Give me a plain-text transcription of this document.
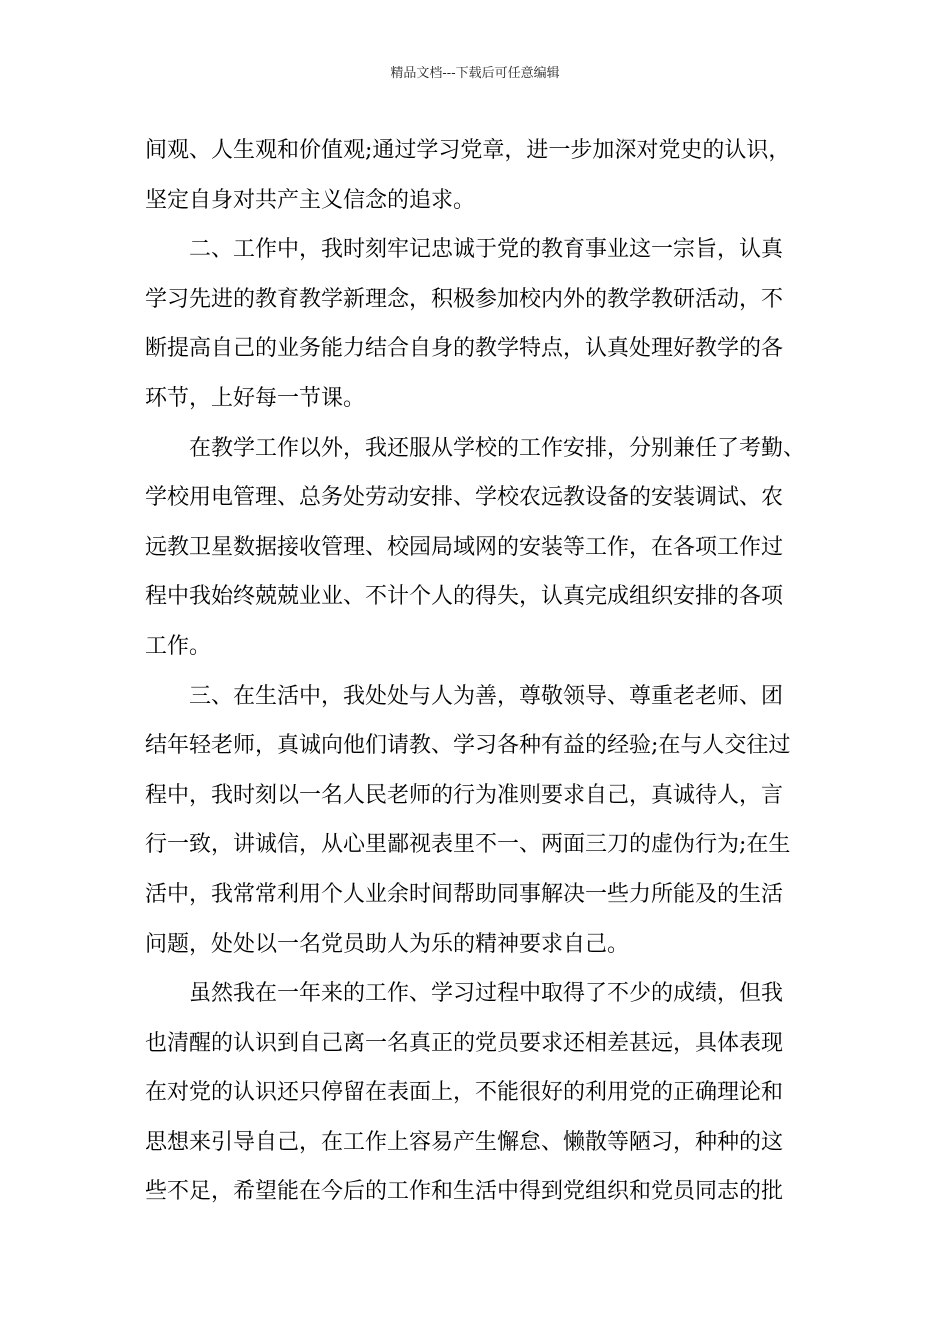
精品文档---下载后可任意编辑
间观、人生观和价值观;通过学习党章，进一步加深对党史的认识，
坚定自身对共产主义信念的追求。
二、工作中，我时刻牢记忠诚于党的教育事业这一宗旨，认真
学习先进的教育教学新理念，积极参加校内外的教学教研活动，不
断提高自己的业务能力结合自身的教学特点，认真处理好教学的各
环节，上好每一节课。
在教学工作以外，我还服从学校的工作安排，分别兼任了考勤、
学校用电管理、总务处劳动安排、学校农远教设备的安装调试、农
远教卫星数据接收管理、校园局域网的安装等工作，在各项工作过
程中我始终兢兢业业、不计个人的得失，认真完成组织安排的各项
工作。
三、在生活中，我处处与人为善，尊敬领导、尊重老老师、团
结年轻老师，真诚向他们请教、学习各种有益的经验;在与人交往过
程中，我时刻以一名人民老师的行为准则要求自己，真诚待人，言
行一致，讲诚信，从心里鄙视表里不一、两面三刀的虚伪行为;在生
活中，我常常利用个人业余时间帮助同事解决一些力所能及的生活
问题，处处以一名党员助人为乐的精神要求自己。
虽然我在一年来的工作、学习过程中取得了不少的成绩，但我
也清醒的认识到自己离一名真正的党员要求还相差甚远，具体表现
在对党的认识还只停留在表面上，不能很好的利用党的正确理论和
思想来引导自己，在工作上容易产生懈怠、懒散等陋习，种种的这
些不足，希望能在今后的工作和生活中得到党组织和党员同志的批
